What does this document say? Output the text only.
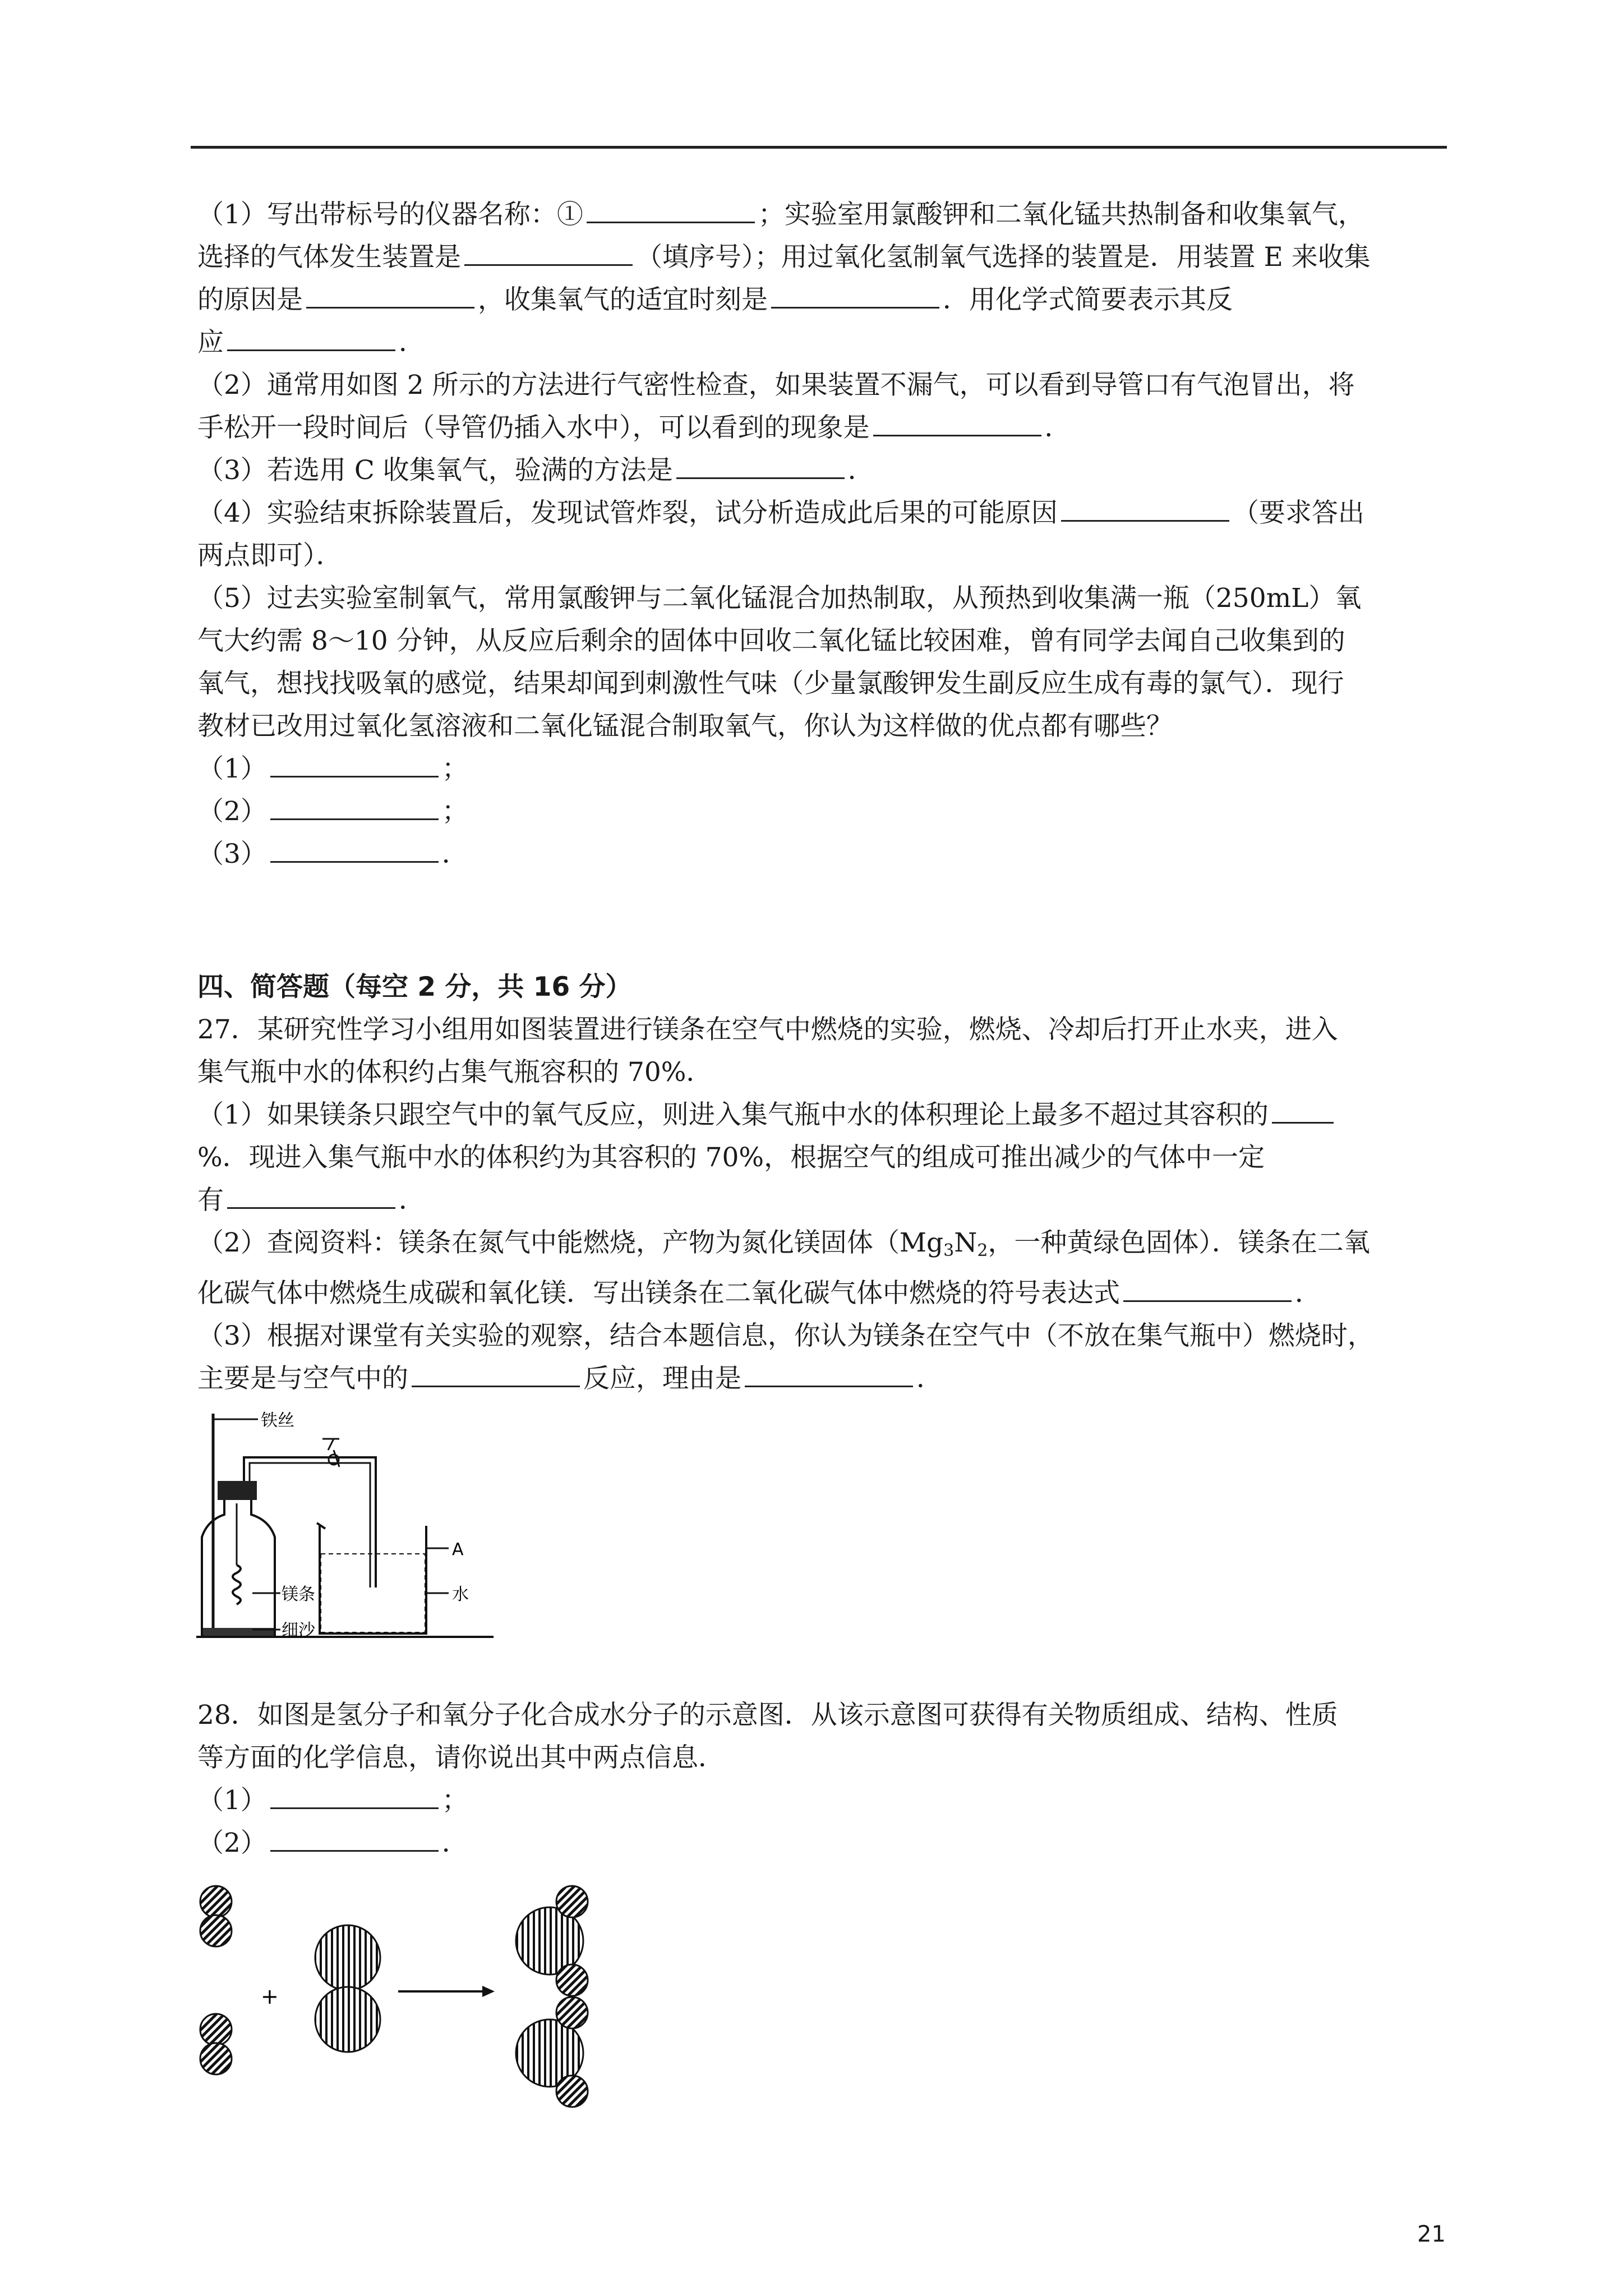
（1）写出带标号的仪器名称：①	；实验室用氯酸钾和二氧化锰共热制备和收集氧气，
选择的气体发生装置是	（填序号）；用过氧化氢制氧气选择的装置是．用装置 E 来收集
的原因是	，收集氧气的适宜时刻是	．用化学式简要表示其反
应	．
（2）通常用如图 2 所示的方法进行气密性检查，如果装置不漏气，可以看到导管口有气泡冒出，将
手松开一段时间后（导管仍插入水中），可以看到的现象是	．
（3）若选用 C 收集氧气，验满的方法是	．
（4）实验结束拆除装置后，发现试管炸裂，试分析造成此后果的可能原因	（要求答出
两点即可）．
（5）过去实验室制氧气，常用氯酸钾与二氧化锰混合加热制取，从预热到收集满一瓶（250mL）氧
气大约需 8～10 分钟，从反应后剩余的固体中回收二氧化锰比较困难，曾有同学去闻自己收集到的
氧气，想找找吸氧的感觉，结果却闻到刺激性气味（少量氯酸钾发生副反应生成有毒的氯气）．现行
教材已改用过氧化氢溶液和二氧化锰混合制取氧气，你认为这样做的优点都有哪些？
（1）	；
（2）	；
（3）	．
四、简答题（每空 2 分，共 16 分）
27．某研究性学习小组用如图装置进行镁条在空气中燃烧的实验，燃烧、冷却后打开止水夹，进入
集气瓶中水的体积约占集气瓶容积的 70%．
（1）如果镁条只跟空气中的氧气反应，则进入集气瓶中水的体积理论上最多不超过其容积的
%．现进入集气瓶中水的体积约为其容积的 70%，根据空气的组成可推出减少的气体中一定
有	．
（2）查阅资料：镁条在氮气中能燃烧，产物为氮化镁固体（$Mg_3N_2$，一种黄绿色固体）．镁条在二氧
化碳气体中燃烧生成碳和氧化镁．写出镁条在二氧化碳气体中燃烧的符号表达式	．
（3）根据对课堂有关实验的观察，结合本题信息，你认为镁条在空气中（不放在集气瓶中）燃烧时，
主要是与空气中的	反应，理由是	．
铁丝
镁条
细沙
A
水
28．如图是氢分子和氧分子化合成水分子的示意图．从该示意图可获得有关物质组成、结构、性质
等方面的化学信息，请你说出其中两点信息．
（1）	；
（2）	．
+
21
